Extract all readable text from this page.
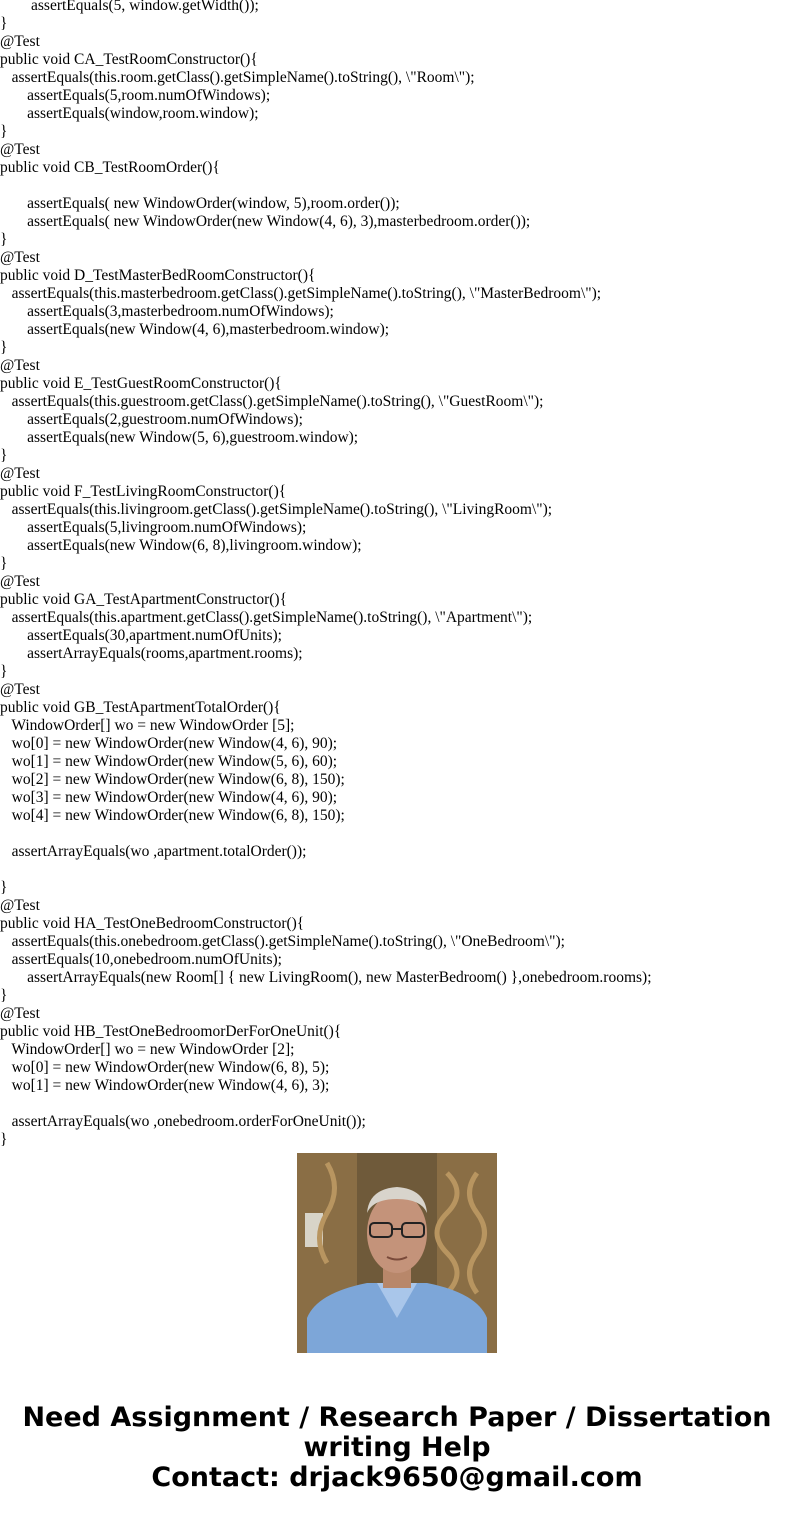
assertEquals(5, window.getWidth());
}
@Test
public void CA_TestRoomConstructor(){
assertEquals(this.room.getClass().getSimpleName().toString(), \"Room\");
assertEquals(5,room.numOfWindows);
assertEquals(window,room.window);
}
@Test
public void CB_TestRoomOrder(){
assertEquals( new WindowOrder(window, 5),room.order());
assertEquals( new WindowOrder(new Window(4, 6), 3),masterbedroom.order());
}
@Test
public void D_TestMasterBedRoomConstructor(){
assertEquals(this.masterbedroom.getClass().getSimpleName().toString(), \"MasterBedroom\");
assertEquals(3,masterbedroom.numOfWindows);
assertEquals(new Window(4, 6),masterbedroom.window);
}
@Test
public void E_TestGuestRoomConstructor(){
assertEquals(this.guestroom.getClass().getSimpleName().toString(), \"GuestRoom\");
assertEquals(2,guestroom.numOfWindows);
assertEquals(new Window(5, 6),guestroom.window);
}
@Test
public void F_TestLivingRoomConstructor(){
assertEquals(this.livingroom.getClass().getSimpleName().toString(), \"LivingRoom\");
assertEquals(5,livingroom.numOfWindows);
assertEquals(new Window(6, 8),livingroom.window);
}
@Test
public void GA_TestApartmentConstructor(){
assertEquals(this.apartment.getClass().getSimpleName().toString(), \"Apartment\");
assertEquals(30,apartment.numOfUnits);
assertArrayEquals(rooms,apartment.rooms);
}
@Test
public void GB_TestApartmentTotalOrder(){
WindowOrder[] wo = new WindowOrder [5];
wo[0] = new WindowOrder(new Window(4, 6), 90);
wo[1] = new WindowOrder(new Window(5, 6), 60);
wo[2] = new WindowOrder(new Window(6, 8), 150);
wo[3] = new WindowOrder(new Window(4, 6), 90);
wo[4] = new WindowOrder(new Window(6, 8), 150);
assertArrayEquals(wo ,apartment.totalOrder());
}
@Test
public void HA_TestOneBedroomConstructor(){
assertEquals(this.onebedroom.getClass().getSimpleName().toString(), \"OneBedroom\");
assertEquals(10,onebedroom.numOfUnits);
assertArrayEquals(new Room[] { new LivingRoom(), new MasterBedroom() },onebedroom.rooms);
}
@Test
public void HB_TestOneBedroomorDerForOneUnit(){
WindowOrder[] wo = new WindowOrder [2];
wo[0] = new WindowOrder(new Window(6, 8), 5);
wo[1] = new WindowOrder(new Window(4, 6), 3);
assertArrayEquals(wo ,onebedroom.orderForOneUnit());
}
Need Assignment / Research Paper / Dissertation
writing Help
Contact: drjack9650@gmail.com
